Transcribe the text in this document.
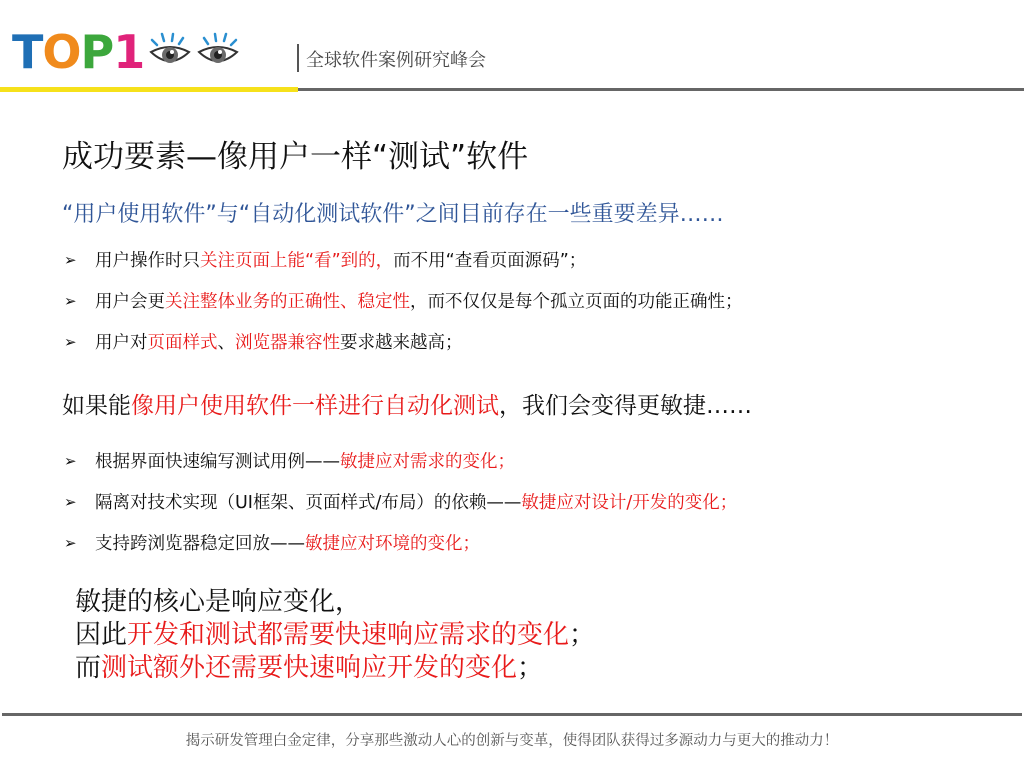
T O P 1	全球软件案例研究峰会
成功要素—像用户一样“测试”软件
“用户使用软件”与“自动化测试软件”之间目前存在一些重要差异……
➢	用户操作时只 关注页面上能“看”到的， 而不用“查看页面源码”；
➢	用户会更 关注整体业务的正确性、稳定性 ，而不仅仅是每个孤立页面的功能正确性；
➢	用户对 页面样式 、 浏览器兼容性 要求越来越高；
如果能像用户使用软件一样进行自动化测试，我们会变得更敏捷……
➢	根据界面快速编写测试用例—— 敏捷应对需求的变化；
➢	隔离对技术实现（UI框架、页面样式/布局）的依赖—— 敏捷应对设计/开发的变化；
➢	支持跨浏览器稳定回放—— 敏捷应对环境的变化；
敏捷的核心是响应变化，
因此开发和测试都需要快速响应需求的变化；
而测试额外还需要快速响应开发的变化；
揭示研发管理白金定律，分享那些激动人心的创新与变革，使得团队获得过多源动力与更大的推动力！
